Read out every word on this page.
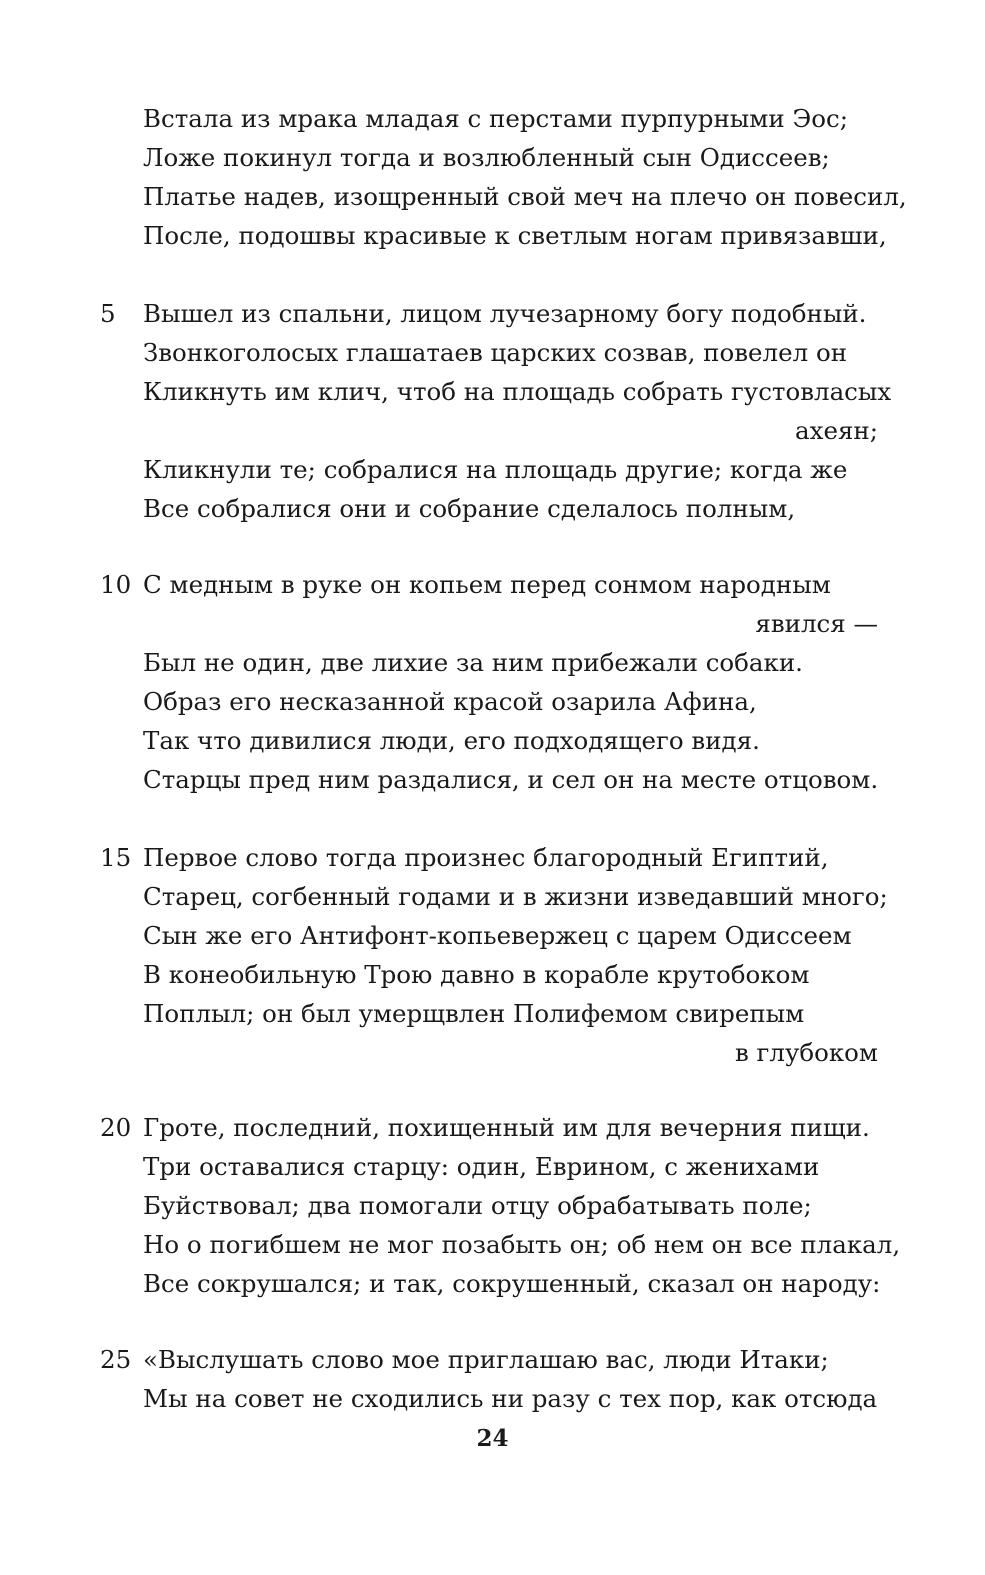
Встала из мрака младая с перстами пурпурными Эос;
Ложе покинул тогда и возлюбленный сын Одиссеев;
Платье надев, изощренный свой меч на плечо он повесил,
После, подошвы красивые к светлым ногам привязавши,
5	Вышел из спальни, лицом лучезарному богу подобный.
Звонкоголосых глашатаев царских созвав, повелел он
Кликнуть им клич, чтоб на площадь собрать густовласых
ахеян;
Кликнули те; собралися на площадь другие; когда же
Все собралися они и собрание сделалось полным,
10 С медным в руке он копьем перед сонмом народным
явился —
Был не один, две лихие за ним прибежали собаки.
Образ его несказанной красой озарила Афина,
Так что дивилися люди, его подходящего видя.
Старцы пред ним раздалися, и сел он на месте отцовом.
15 Первое слово тогда произнес благородный Египтий,
Старец, согбенный годами и в жизни изведавший много;
Сын же его Антифонт-копьевержец с царем Одиссеем
В конеобильную Трою давно в корабле крутобоком
Поплыл; он был умерщвлен Полифемом свирепым
в глубоком
20 Гроте, последний, похищенный им для вечерния пищи.
Три оставалися старцу: один, Еврином, с женихами
Буйствовал; два помогали отцу обрабатывать поле;
Но о погибшем не мог позабыть он; об нем он все плакал,
Все сокрушался; и так, сокрушенный, сказал он народу:
25 «Выслушать слово мое приглашаю вас, люди Итаки;
Мы на совет не сходились ни разу с тех пор, как отсюда
24
